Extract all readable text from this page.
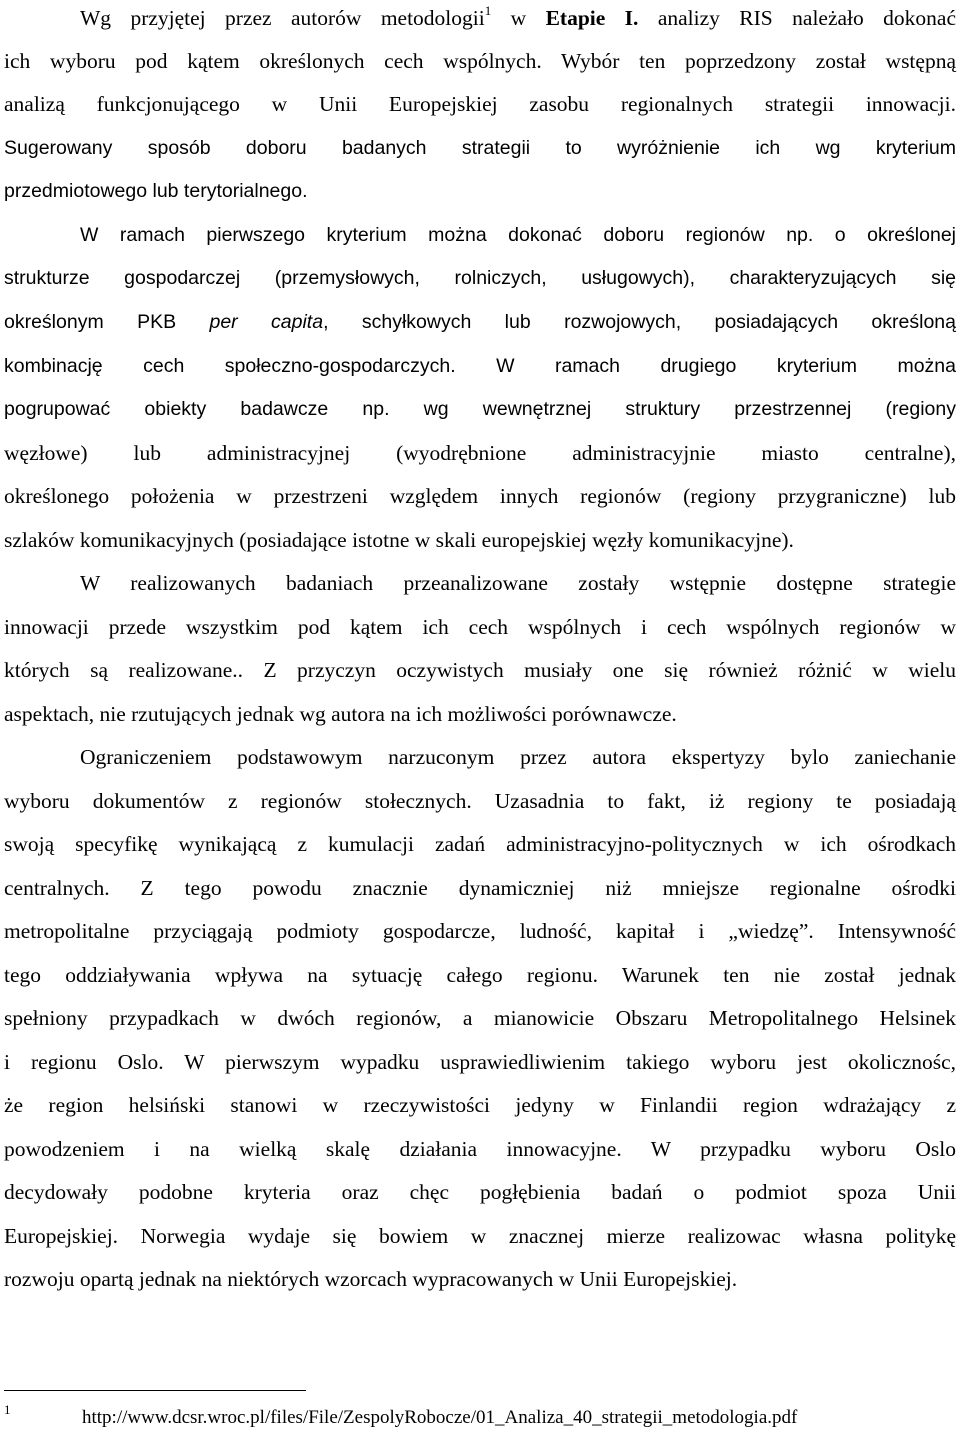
Wg przyjętej przez autorów metodologii$^1$ w Etapie I. analizy RIS należało dokonać
ich wyboru pod kątem określonych cech wspólnych. Wybór ten poprzedzony został wstępną
analizą funkcjonującego w Unii Europejskiej zasobu regionalnych strategii innowacji.
Sugerowany sposób doboru badanych strategii to wyróżnienie ich wg kryterium
przedmiotowego lub terytorialnego.
W ramach pierwszego kryterium można dokonać doboru regionów np. o określonej
strukturze gospodarczej (przemysłowych, rolniczych, usługowych), charakteryzujących się
określonym PKB per capita, schyłkowych lub rozwojowych, posiadających określoną
kombinację cech społeczno-gospodarczych. W ramach drugiego kryterium można
pogrupować obiekty badawcze np. wg wewnętrznej struktury przestrzennej (regiony
węzłowe) lub administracyjnej (wyodrębnione administracyjnie miasto centralne),
określonego położenia w przestrzeni względem innych regionów (regiony przygraniczne) lub
szlaków komunikacyjnych (posiadające istotne w skali europejskiej węzły komunikacyjne).
W realizowanych badaniach przeanalizowane zostały wstępnie dostępne strategie
innowacji przede wszystkim pod kątem ich cech wspólnych i cech wspólnych regionów w
których są realizowane.. Z przyczyn oczywistych musiały one się również różnić w wielu
aspektach, nie rzutujących jednak wg autora na ich możliwości porównawcze.
Ograniczeniem podstawowym narzuconym przez autora ekspertyzy bylo zaniechanie
wyboru dokumentów z regionów stołecznych. Uzasadnia to fakt, iż regiony te posiadają
swoją specyfikę wynikającą z kumulacji zadań administracyjno-politycznych w ich ośrodkach
centralnych. Z tego powodu znacznie dynamiczniej niż mniejsze regionalne ośrodki
metropolitalne przyciągają podmioty gospodarcze, ludność, kapitał i „wiedzę”. Intensywność
tego oddziaływania wpływa na sytuację całego regionu. Warunek ten nie został jednak
spełniony przypadkach w dwóch regionów, a mianowicie Obszaru Metropolitalnego Helsinek
i regionu Oslo. W pierwszym wypadku usprawiedliwienim takiego wyboru jest okolicznośc,
że region helsiński stanowi w rzeczywistości jedyny w Finlandii region wdrażający z
powodzeniem i na wielką skalę działania innowacyjne. W przypadku wyboru Oslo
decydowały podobne kryteria oraz chęc pogłębienia badań o podmiot spoza Unii
Europejskiej. Norwegia wydaje się bowiem w znacznej mierze realizowac własna politykę
rozwoju opartą jednak na niektórych wzorcach wypracowanych w Unii Europejskiej.
1	http://www.dcsr.wroc.pl/files/File/ZespolyRobocze/01_Analiza_40_strategii_metodologia.pdf
